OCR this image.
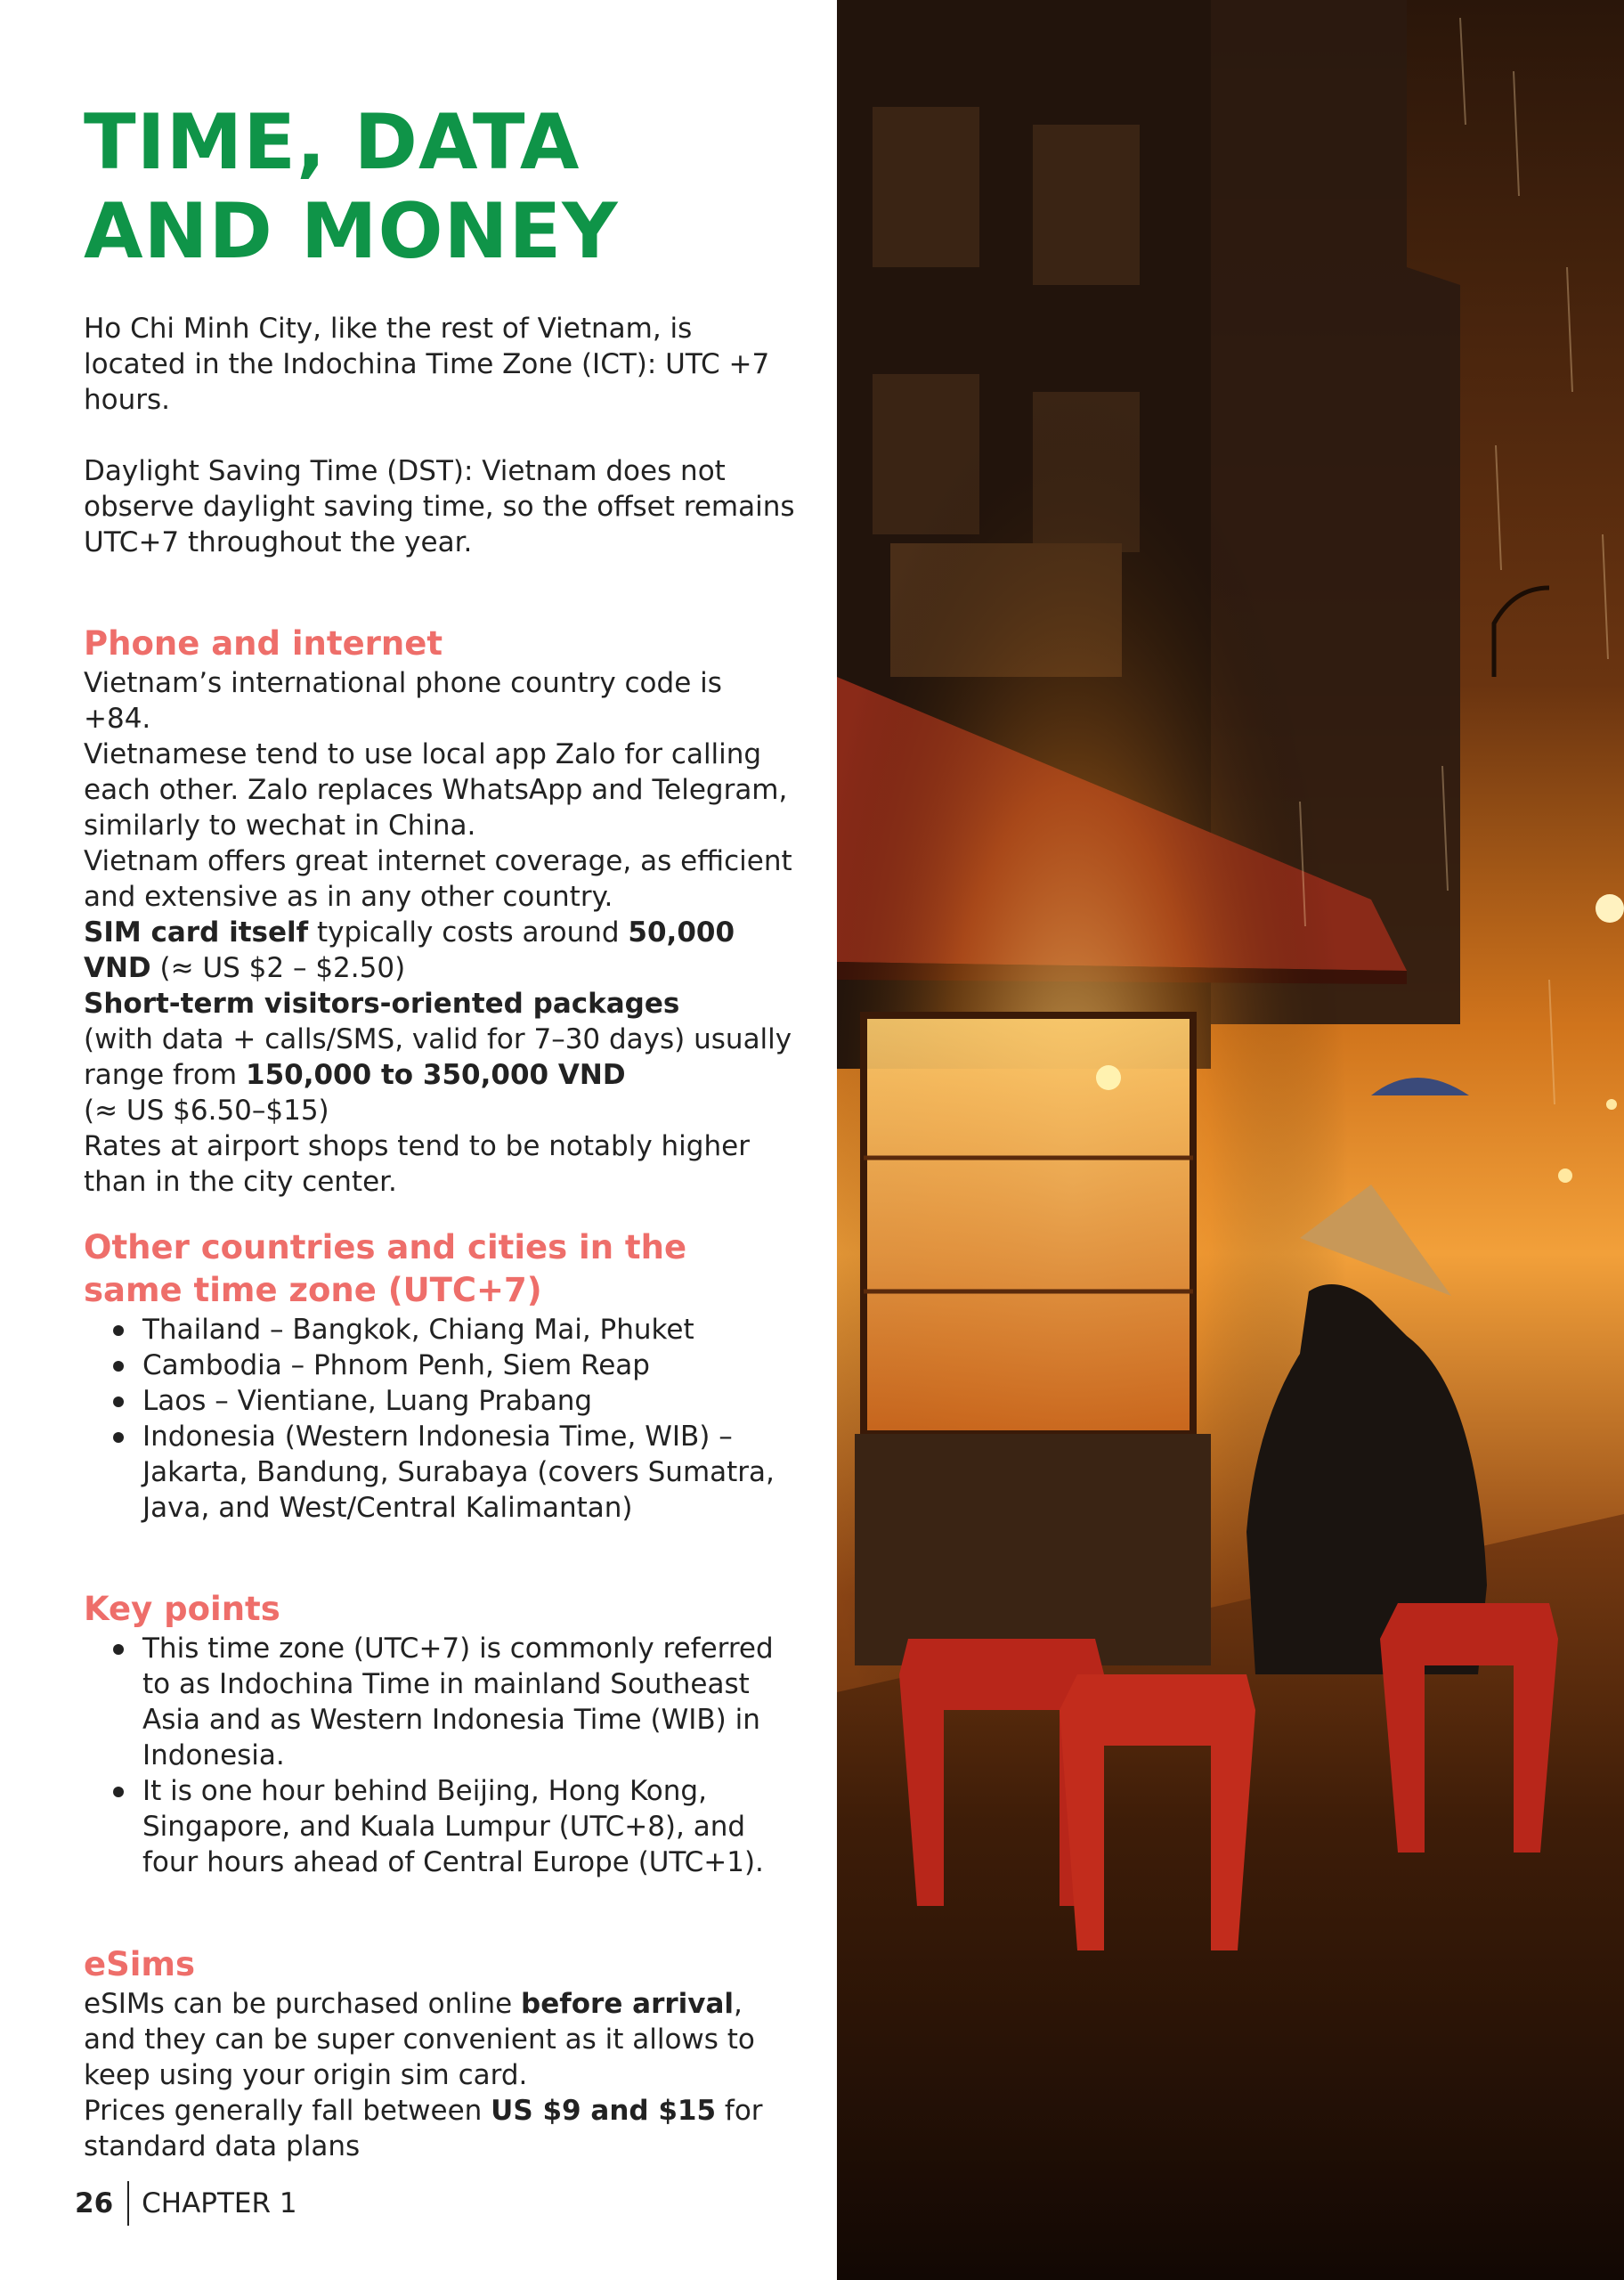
TIME, DATA
AND MONEY

Ho Chi Minh City, like the rest of Vietnam, is located in the Indochina Time Zone (ICT): UTC +7 hours.

Daylight Saving Time (DST): Vietnam does not observe daylight saving time, so the offset remains UTC+7 throughout the year.

Phone and internet

Vietnam’s international phone country code is +84.

Vietnamese tend to use local app Zalo for calling each other. Zalo replaces WhatsApp and Telegram, similarly to wechat in China.

Vietnam offers great internet coverage, as efficient and extensive as in any other country.

SIM card itself typically costs around 50,000 VND (≈ US $2 – $2.50)

Short-term visitors-oriented packages

(with data + calls/SMS, valid for 7–30 days) usually range from 150,000 to 350,000 VND

(≈ US $6.50–$15)

Rates at airport shops tend to be notably higher than in the city center.

Other countries and cities in the same time zone (UTC+7)
Thailand – Bangkok, Chiang Mai, Phuket
Cambodia – Phnom Penh, Siem Reap
Laos – Vientiane, Luang Prabang
Indonesia (Western Indonesia Time, WIB) – Jakarta, Bandung, Surabaya (covers Sumatra, Java, and West/Central Kalimantan)
Key points
This time zone (UTC+7) is commonly referred to as Indochina Time in mainland Southeast Asia and as Western Indonesia Time (WIB) in Indonesia.
It is one hour behind Beijing, Hong Kong, Singapore, and Kuala Lumpur (UTC+8), and four hours ahead of Central Europe (UTC+1).
eSims

eSIMs can be purchased online before arrival, and they can be super convenient as it allows to keep using your origin sim card.

Prices generally fall between US $9 and $15 for standard data plans

26 CHAPTER 1
